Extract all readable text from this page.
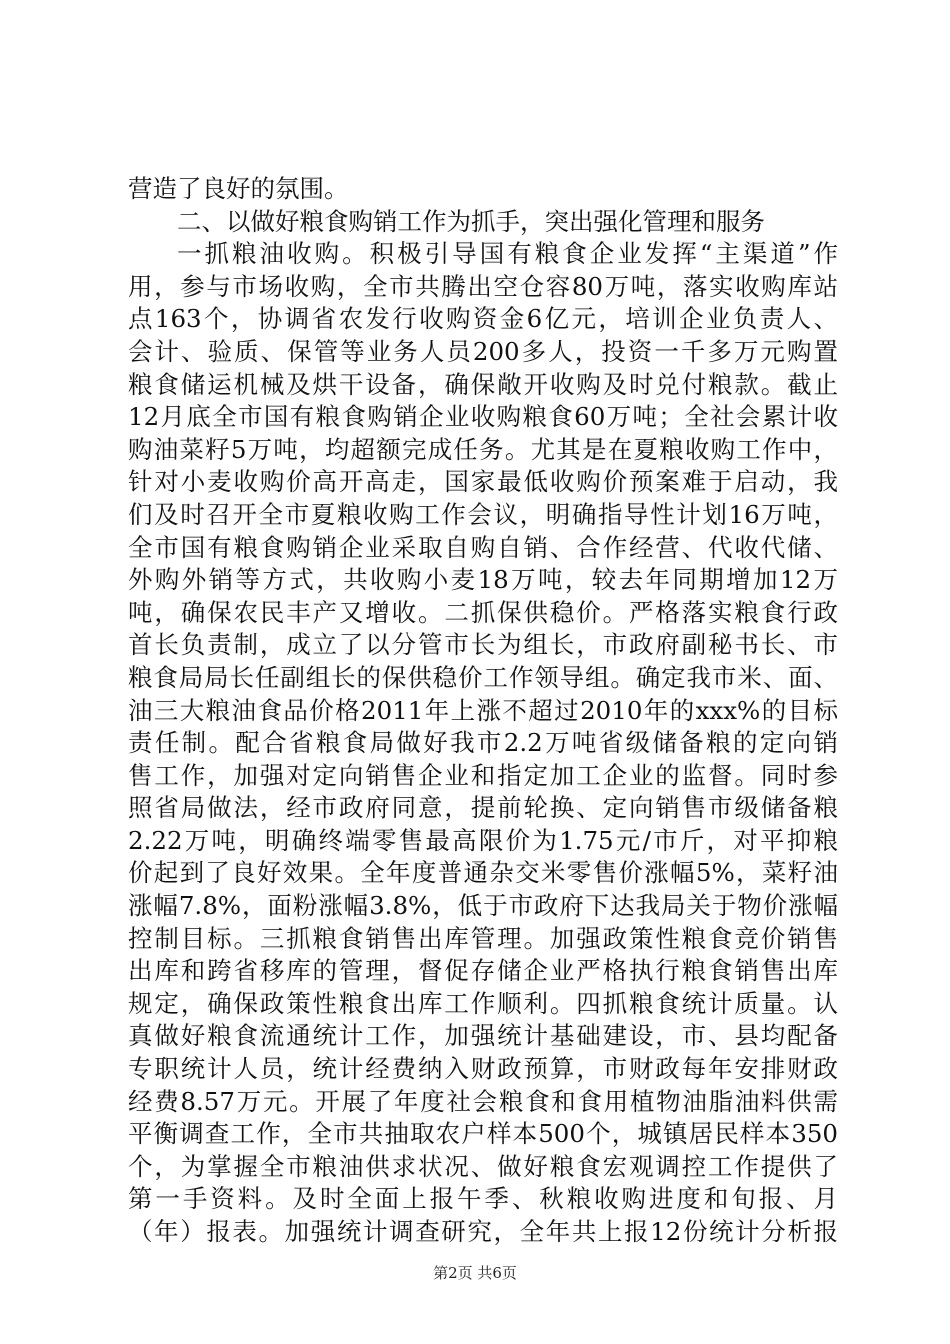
营造了良好的氛围。
二、以做好粮食购销工作为抓手，突出强化管理和服务
一抓粮油收购。积极引导国有粮食企业发挥“主渠道”作
用，参与市场收购，全市共腾出空仓容80万吨，落实收购库站
点163个，协调省农发行收购资金6亿元，培训企业负责人、
会计、验质、保管等业务人员200多人，投资一千多万元购置
粮食储运机械及烘干设备，确保敞开收购及时兑付粮款。截止
12月底全市国有粮食购销企业收购粮食60万吨；全社会累计收
购油菜籽5万吨，均超额完成任务。尤其是在夏粮收购工作中，
针对小麦收购价高开高走，国家最低收购价预案难于启动，我
们及时召开全市夏粮收购工作会议，明确指导性计划16万吨，
全市国有粮食购销企业采取自购自销、合作经营、代收代储、
外购外销等方式，共收购小麦18万吨，较去年同期增加12万
吨，确保农民丰产又增收。二抓保供稳价。严格落实粮食行政
首长负责制，成立了以分管市长为组长，市政府副秘书长、市
粮食局局长任副组长的保供稳价工作领导组。确定我市米、面、
油三大粮油食品价格2011年上涨不超过2010年的xxx%的目标
责任制。配合省粮食局做好我市2.2万吨省级储备粮的定向销
售工作，加强对定向销售企业和指定加工企业的监督。同时参
照省局做法，经市政府同意，提前轮换、定向销售市级储备粮
2.22万吨，明确终端零售最高限价为1.75元/市斤，对平抑粮
价起到了良好效果。全年度普通杂交米零售价涨幅5%，菜籽油
涨幅7.8%，面粉涨幅3.8%，低于市政府下达我局关于物价涨幅
控制目标。三抓粮食销售出库管理。加强政策性粮食竞价销售
出库和跨省移库的管理，督促存储企业严格执行粮食销售出库
规定，确保政策性粮食出库工作顺利。四抓粮食统计质量。认
真做好粮食流通统计工作，加强统计基础建设，市、县均配备
专职统计人员，统计经费纳入财政预算，市财政每年安排财政
经费8.57万元。开展了年度社会粮食和食用植物油脂油料供需
平衡调查工作，全市共抽取农户样本500个，城镇居民样本350
个，为掌握全市粮油供求状况、做好粮食宏观调控工作提供了
第一手资料。及时全面上报午季、秋粮收购进度和旬报、月
（年）报表。加强统计调查研究，全年共上报12份统计分析报
第2页 共6页
